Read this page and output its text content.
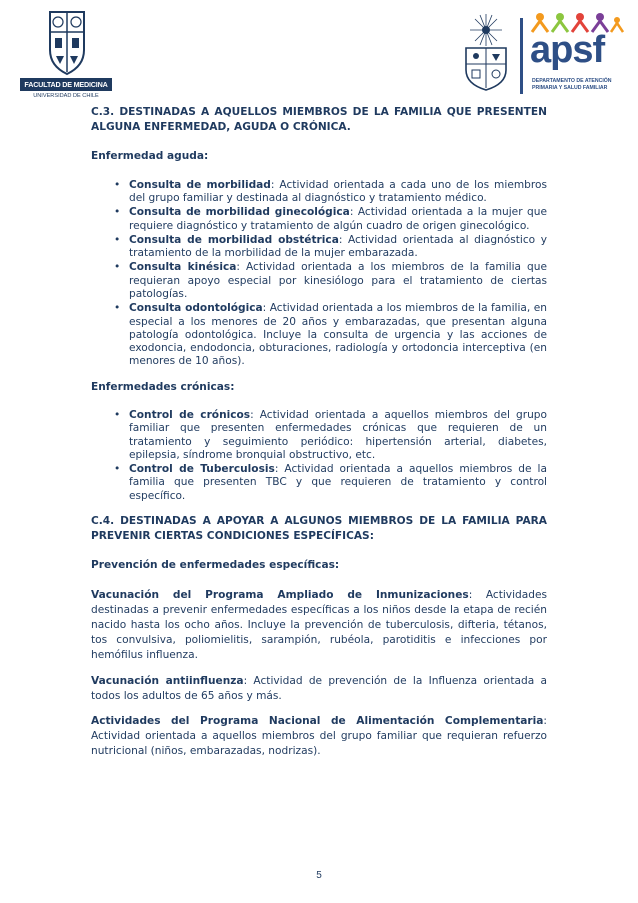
FACULTAD DE MEDICINA
UNIVERSIDAD DE CHILE
apsf
DEPARTAMENTO DE ATENCIÓN
PRIMARIA Y SALUD FAMILIAR

C.3. DESTINADAS A AQUELLOS MIEMBROS DE LA FAMILIA QUE PRESENTEN ALGUNA ENFERMEDAD, AGUDA O CRÓNICA.

Enfermedad aguda:

• Consulta de morbilidad: Actividad orientada a cada uno de los miembros del grupo familiar y destinada al diagnóstico y tratamiento médico.
• Consulta de morbilidad ginecológica: Actividad orientada a la mujer que requiere diagnóstico y tratamiento de algún cuadro de origen ginecológico.
• Consulta de morbilidad obstétrica: Actividad orientada al diagnóstico y tratamiento de la morbilidad de la mujer embarazada.
• Consulta kinésica: Actividad orientada a los miembros de la familia que requieran apoyo especial por kinesiólogo para el tratamiento de ciertas patologías.
• Consulta odontológica: Actividad orientada a los miembros de la familia, en especial a los menores de 20 años y embarazadas, que presentan alguna patología odontológica. Incluye la consulta de urgencia y las acciones de exodoncia, endodoncia, obturaciones, radiología y ortodoncia interceptiva (en menores de 10 años).

Enfermedades crónicas:

• Control de crónicos: Actividad orientada a aquellos miembros del grupo familiar que presenten enfermedades crónicas que requieren de un tratamiento y seguimiento periódico: hipertensión arterial, diabetes, epilepsia, síndrome bronquial obstructivo, etc.
• Control de Tuberculosis: Actividad orientada a aquellos miembros de la familia que presenten TBC y que requieren de tratamiento y control específico.

C.4. DESTINADAS A APOYAR A ALGUNOS MIEMBROS DE LA FAMILIA PARA PREVENIR CIERTAS CONDICIONES ESPECÍFICAS:

Prevención de enfermedades específicas:

Vacunación del Programa Ampliado de Inmunizaciones: Actividades destinadas a prevenir enfermedades específicas a los niños desde la etapa de recién nacido hasta los ocho años. Incluye la prevención de tuberculosis, difteria, tétanos, tos convulsiva, poliomielitis, sarampión, rubéola, parotiditis e infecciones por hemófilus influenza.

Vacunación antiinfluenza: Actividad de prevención de la Influenza orientada a todos los adultos de 65 años y más.

Actividades del Programa Nacional de Alimentación Complementaria: Actividad orientada a aquellos miembros del grupo familiar que requieran refuerzo nutricional (niños, embarazadas, nodrizas).

5
